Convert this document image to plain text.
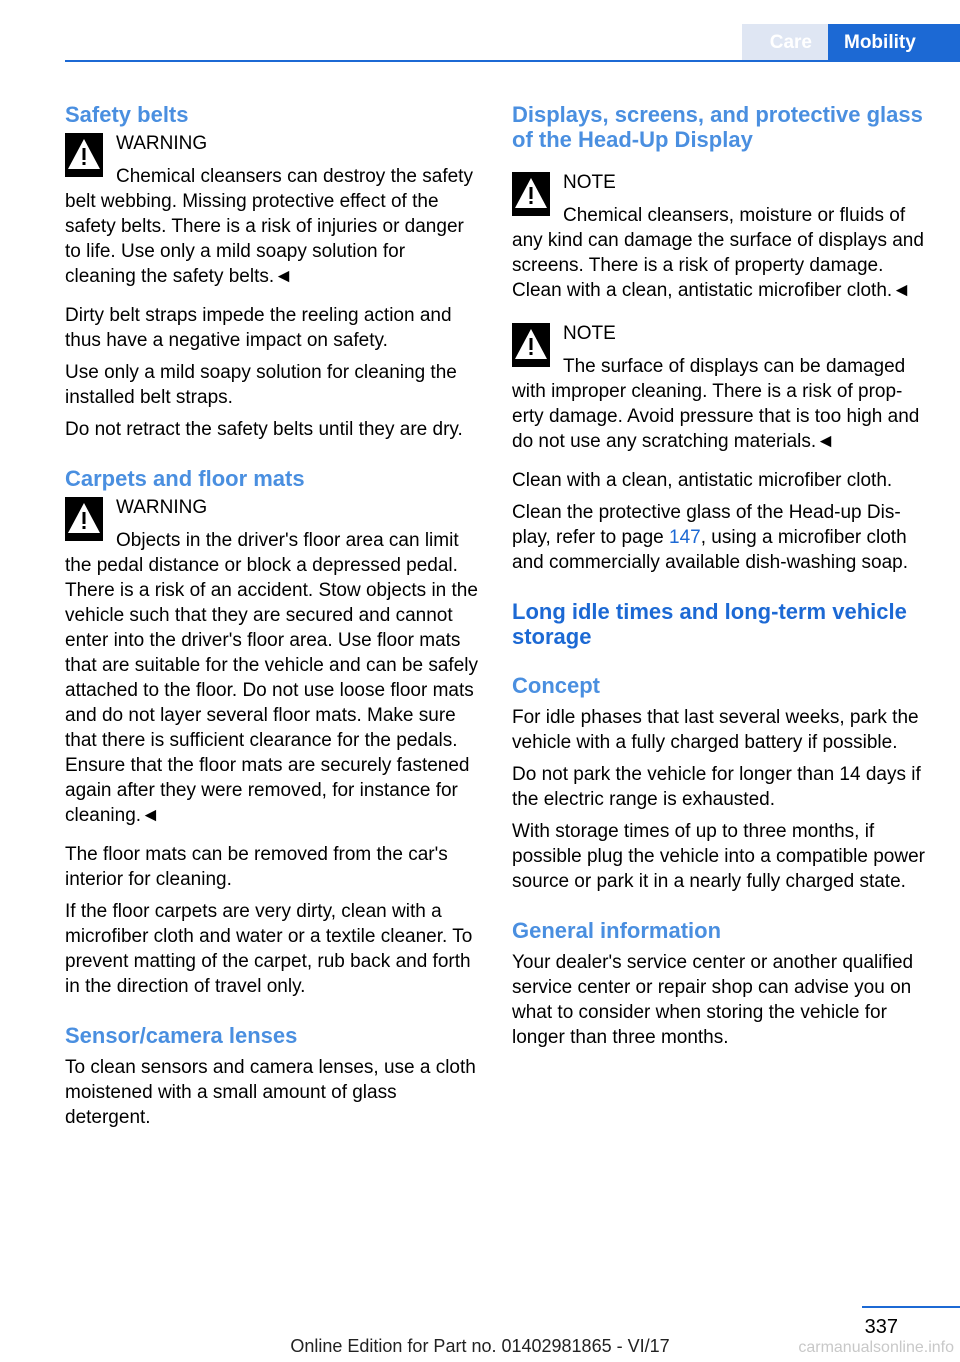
Care	Mobility
Safety belts
WARNING

Chemical cleansers can destroy the safety belt webbing. Missing protective effect of the safety belts. There is a risk of injuries or danger to life. Use only a mild soapy solution for cleaning the safety belts.◄

Dirty belt straps impede the reeling action and thus have a negative impact on safety.

Use only a mild soapy solution for cleaning the installed belt straps.

Do not retract the safety belts until they are dry.

Carpets and floor mats
WARNING

Objects in the driver's floor area can limit the pedal distance or block a depressed pedal. There is a risk of an accident. Stow objects in the vehicle such that they are secured and cannot enter into the driver's floor area. Use floor mats that are suitable for the vehicle and can be safely attached to the floor. Do not use loose floor mats and do not layer several floor mats. Make sure that there is sufficient clearance for the pedals. Ensure that the floor mats are securely fastened again after they were removed, for instance for cleaning.◄

The floor mats can be removed from the car's interior for cleaning.

If the floor carpets are very dirty, clean with a microfiber cloth and water or a textile cleaner. To prevent matting of the carpet, rub back and forth in the direction of travel only.

Sensor/camera lenses

To clean sensors and camera lenses, use a cloth moistened with a small amount of glass detergent.

Displays, screens, and protective glass of the Head-Up Display
NOTE

Chemical cleansers, moisture or fluids of any kind can damage the surface of displays and screens. There is a risk of property damage. Clean with a clean, antistatic microfiber cloth.◄

NOTE

The surface of displays can be damaged with improper cleaning. There is a risk of property damage. Avoid pressure that is too high and do not use any scratching materials.◄

Clean with a clean, antistatic microfiber cloth.

Clean the protective glass of the Head-up Display, refer to page 147, using a microfiber cloth and commercially available dish-washing soap.

Long idle times and long-term vehicle storage
Concept

For idle phases that last several weeks, park the vehicle with a fully charged battery if possible.

Do not park the vehicle for longer than 14 days if the electric range is exhausted.

With storage times of up to three months, if possible plug the vehicle into a compatible power source or park it in a nearly fully charged state.

General information

Your dealer's service center or another qualified service center or repair shop can advise you on what to consider when storing the vehicle for longer than three months.

337
Online Edition for Part no. 01402981865 - VI/17	carmanualsonline.info
